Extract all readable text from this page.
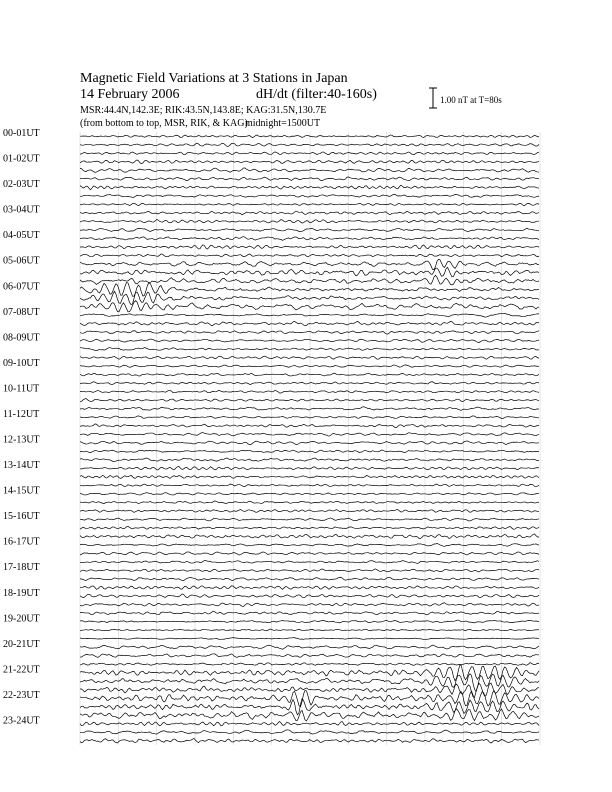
00-01UT
01-02UT
02-03UT
03-04UT
04-05UT
05-06UT
06-07UT
07-08UT
08-09UT
09-10UT
10-11UT
11-12UT
12-13UT
13-14UT
14-15UT
15-16UT
16-17UT
17-18UT
18-19UT
19-20UT
20-21UT
21-22UT
22-23UT
23-24UT
Magnetic Field Variations at 3 Stations in Japan
14 February 2006	dH/dt (filter:40-160s)
MSR:44.4N,142.3E; RIK:43.5N,143.8E; KAG:31.5N,130.7E
(from bottom to top, MSR, RIK, & KAG)
midnight=1500UT
1.00 nT at T=80s
